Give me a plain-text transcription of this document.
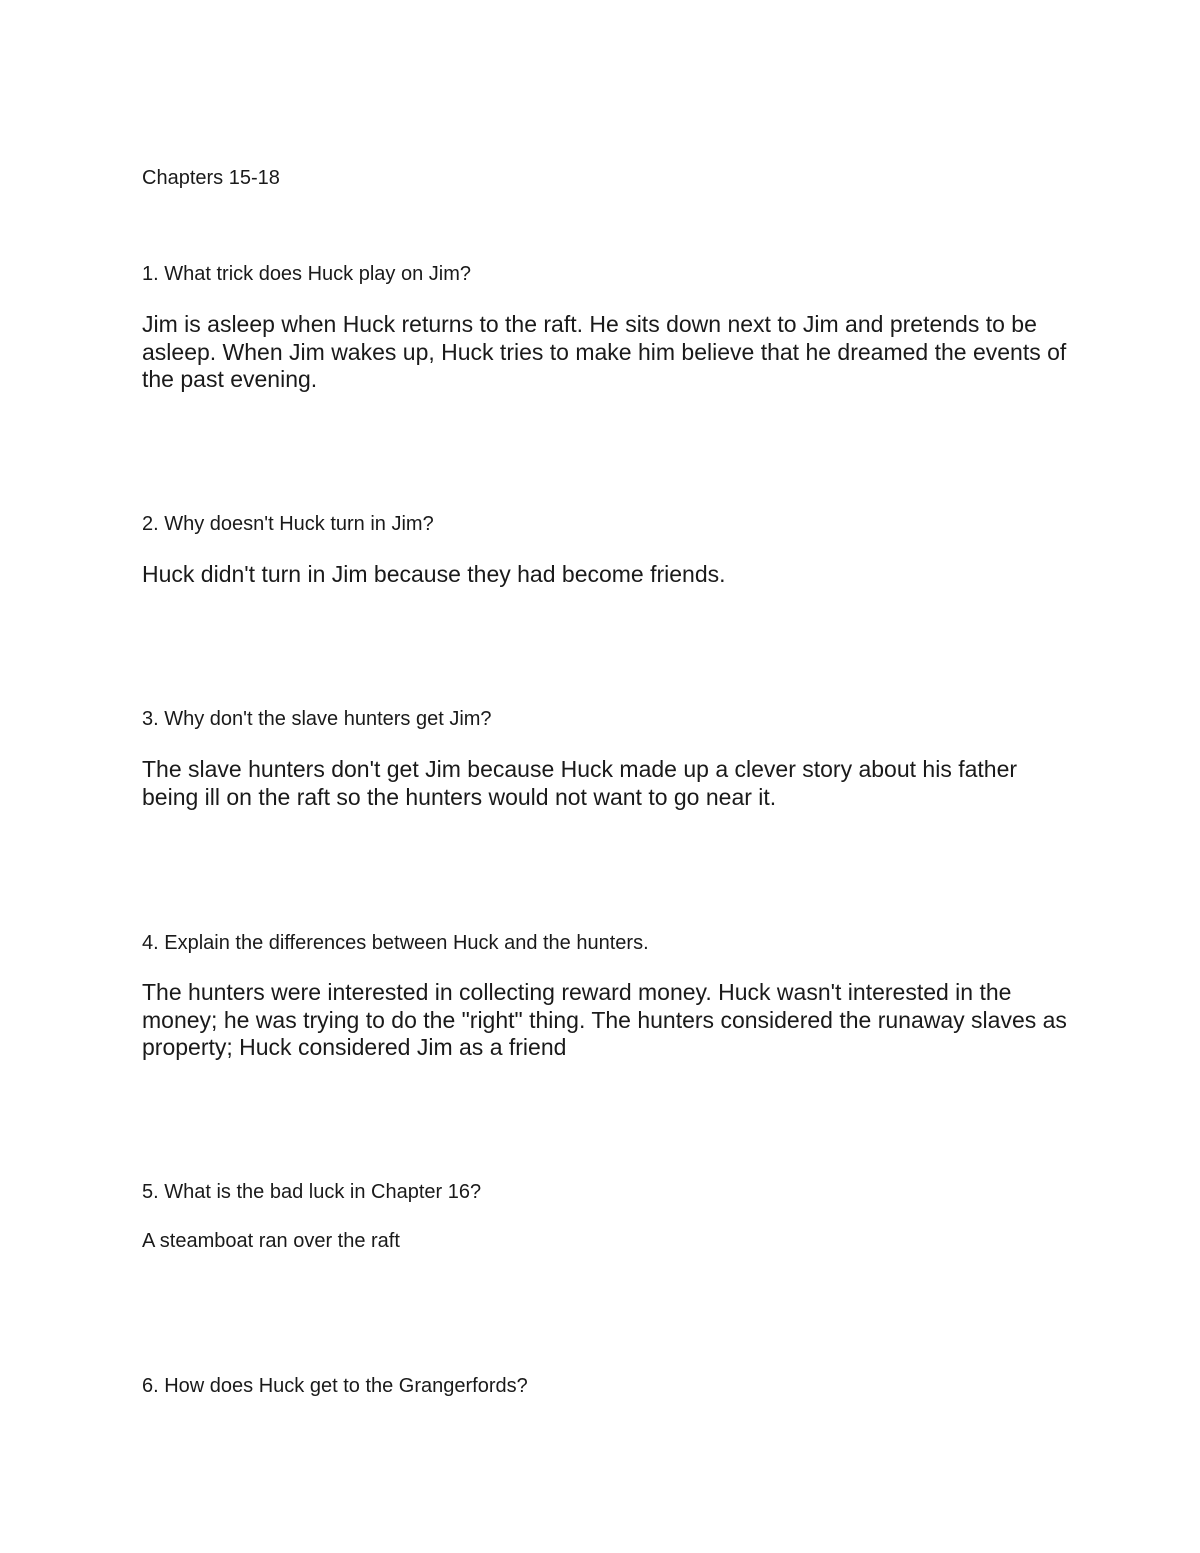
Chapters 15-18
1. What trick does Huck play on Jim?
Jim is asleep when Huck returns to the raft. He sits down next to Jim and pretends to be asleep. When Jim wakes up, Huck tries to make him believe that he dreamed the events of the past evening.
2. Why doesn't Huck turn in Jim?
Huck didn't turn in Jim because they had become friends.
3. Why don't the slave hunters get Jim?
The slave hunters don't get Jim because Huck made up a clever story about his father being ill on the raft so the hunters would not want to go near it.
4. Explain the differences between Huck and the hunters.
The hunters were interested in collecting reward money. Huck wasn't interested in the money; he was trying to do the "right" thing. The hunters considered the runaway slaves as property; Huck considered Jim as a friend
5. What is the bad luck in Chapter 16?
A steamboat ran over the raft
6. How does Huck get to the Grangerfords?
